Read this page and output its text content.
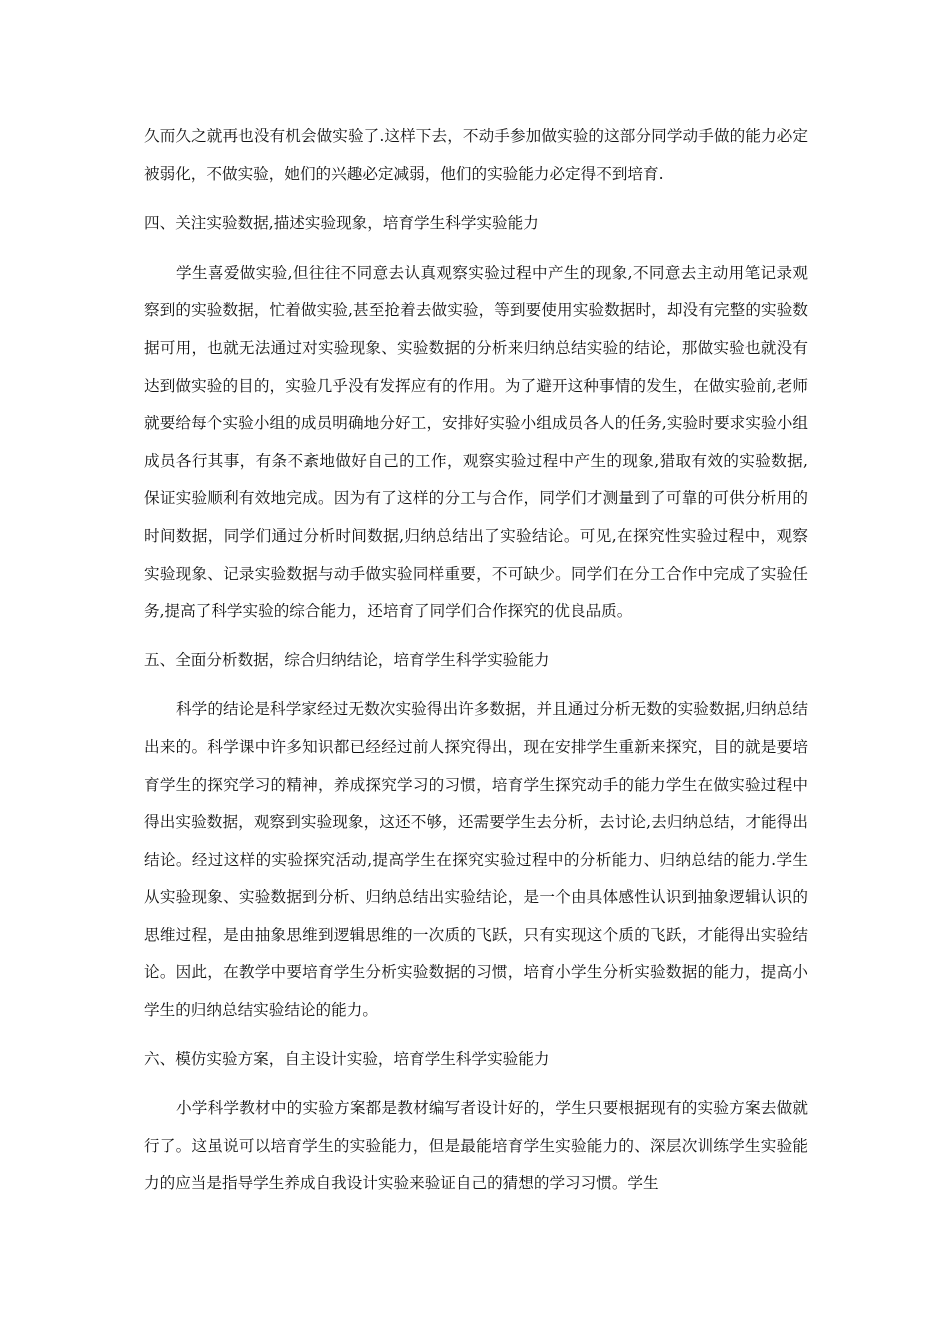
久而久之就再也没有机会做实验了.这样下去，不动手参加做实验的这部分同学动手做的能力必定被弱化，不做实验，她们的兴趣必定减弱，他们的实验能力必定得不到培育.

四、关注实验数据,描述实验现象，培育学生科学实验能力

学生喜爱做实验,但往往不同意去认真观察实验过程中产生的现象,不同意去主动用笔记录观察到的实验数据，忙着做实验,甚至抢着去做实验，等到要使用实验数据时，却没有完整的实验数据可用，也就无法通过对实验现象、实验数据的分析来归纳总结实验的结论，那做实验也就没有达到做实验的目的，实验几乎没有发挥应有的作用。为了避开这种事情的发生，在做实验前,老师就要给每个实验小组的成员明确地分好工，安排好实验小组成员各人的任务,实验时要求实验小组成员各行其事，有条不紊地做好自己的工作，观察实验过程中产生的现象,猎取有效的实验数据,保证实验顺利有效地完成。因为有了这样的分工与合作，同学们才测量到了可靠的可供分析用的时间数据，同学们通过分析时间数据,归纳总结出了实验结论。可见,在探究性实验过程中，观察实验现象、记录实验数据与动手做实验同样重要，不可缺少。同学们在分工合作中完成了实验任务,提高了科学实验的综合能力，还培育了同学们合作探究的优良品质。

五、全面分析数据，综合归纳结论，培育学生科学实验能力

科学的结论是科学家经过无数次实验得出许多数据，并且通过分析无数的实验数据,归纳总结出来的。科学课中许多知识都已经经过前人探究得出，现在安排学生重新来探究，目的就是要培育学生的探究学习的精神，养成探究学习的习惯，培育学生探究动手的能力学生在做实验过程中得出实验数据，观察到实验现象，这还不够，还需要学生去分析，去讨论,去归纳总结，才能得出结论。经过这样的实验探究活动,提高学生在探究实验过程中的分析能力、归纳总结的能力.学生从实验现象、实验数据到分析、归纳总结出实验结论，是一个由具体感性认识到抽象逻辑认识的思维过程，是由抽象思维到逻辑思维的一次质的飞跃，只有实现这个质的飞跃，才能得出实验结论。因此，在教学中要培育学生分析实验数据的习惯，培育小学生分析实验数据的能力，提高小学生的归纳总结实验结论的能力。

六、模仿实验方案，自主设计实验，培育学生科学实验能力

小学科学教材中的实验方案都是教材编写者设计好的，学生只要根据现有的实验方案去做就行了。这虽说可以培育学生的实验能力，但是最能培育学生实验能力的、深层次训练学生实验能力的应当是指导学生养成自我设计实验来验证自己的猜想的学习习惯。学生
